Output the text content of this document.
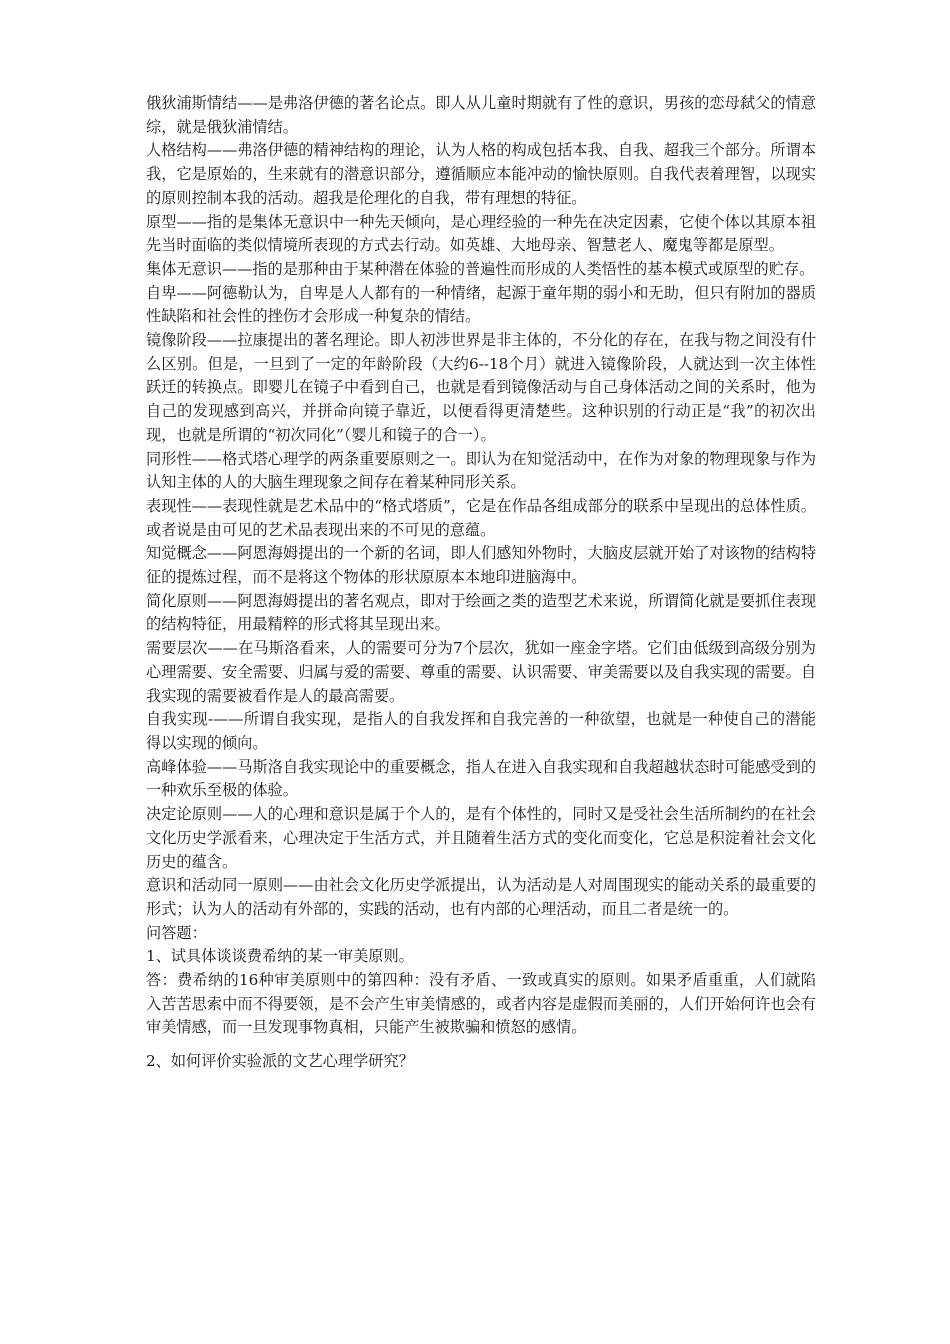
俄狄浦斯情结——是弗洛伊德的著名论点。即人从儿童时期就有了性的意识，男孩的恋母弑父的情意综，就是俄狄浦情结。

人格结构——弗洛伊德的精神结构的理论，认为人格的构成包括本我、自我、超我三个部分。所谓本我，它是原始的，生来就有的潜意识部分，遵循顺应本能冲动的愉快原则。自我代表着理智，以现实的原则控制本我的活动。超我是伦理化的自我，带有理想的特征。

原型——指的是集体无意识中一种先天倾向，是心理经验的一种先在决定因素，它使个体以其原本祖先当时面临的类似情境所表现的方式去行动。如英雄、大地母亲、智慧老人、魔鬼等都是原型。

集体无意识——指的是那种由于某种潜在体验的普遍性而形成的人类悟性的基本模式或原型的贮存。

自卑——阿德勒认为，自卑是人人都有的一种情绪，起源于童年期的弱小和无助，但只有附加的器质性缺陷和社会性的挫伤才会形成一种复杂的情结。

镜像阶段——拉康提出的著名理论。即人初涉世界是非主体的，不分化的存在，在我与物之间没有什么区别。但是，一旦到了一定的年龄阶段（大约6--18个月）就进入镜像阶段，人就达到一次主体性跃迁的转换点。即婴儿在镜子中看到自己，也就是看到镜像活动与自己身体活动之间的关系时，他为自己的发现感到高兴，并拼命向镜子靠近，以便看得更清楚些。这种识别的行动正是“我”的初次出现，也就是所谓的“初次同化”（婴儿和镜子的合一）。

同形性——格式塔心理学的两条重要原则之一。即认为在知觉活动中，在作为对象的物理现象与作为认知主体的人的大脑生理现象之间存在着某种同形关系。

表现性——表现性就是艺术品中的“格式塔质”，它是在作品各组成部分的联系中呈现出的总体性质。或者说是由可见的艺术品表现出来的不可见的意蕴。

知觉概念——阿恩海姆提出的一个新的名词，即人们感知外物时，大脑皮层就开始了对该物的结构特征的提炼过程，而不是将这个物体的形状原原本本地印进脑海中。

简化原则——阿恩海姆提出的著名观点，即对于绘画之类的造型艺术来说，所谓简化就是要抓住表现的结构特征，用最精粹的形式将其呈现出来。

需要层次——在马斯洛看来，人的需要可分为7个层次，犹如一座金字塔。它们由低级到高级分别为心理需要、安全需要、归属与爱的需要、尊重的需要、认识需要、审美需要以及自我实现的需要。自我实现的需要被看作是人的最高需要。

自我实现-——所谓自我实现，是指人的自我发挥和自我完善的一种欲望，也就是一种使自己的潜能得以实现的倾向。

高峰体验——马斯洛自我实现论中的重要概念，指人在进入自我实现和自我超越状态时可能感受到的一种欢乐至极的体验。

决定论原则——人的心理和意识是属于个人的，是有个体性的，同时又是受社会生活所制约的在社会文化历史学派看来，心理决定于生活方式，并且随着生活方式的变化而变化，它总是积淀着社会文化历史的蕴含。

意识和活动同一原则——由社会文化历史学派提出，认为活动是人对周围现实的能动关系的最重要的形式；认为人的活动有外部的，实践的活动，也有内部的心理活动，而且二者是统一的。

问答题：

1、试具体谈谈费希纳的某一审美原则。

答：费希纳的16种审美原则中的第四种：没有矛盾、一致或真实的原则。如果矛盾重重，人们就陷入苦苦思索中而不得要领，是不会产生审美情感的，或者内容是虚假而美丽的，人们开始何许也会有审美情感，而一旦发现事物真相，只能产生被欺骗和愤怒的感情。

2、如何评价实验派的文艺心理学研究？
